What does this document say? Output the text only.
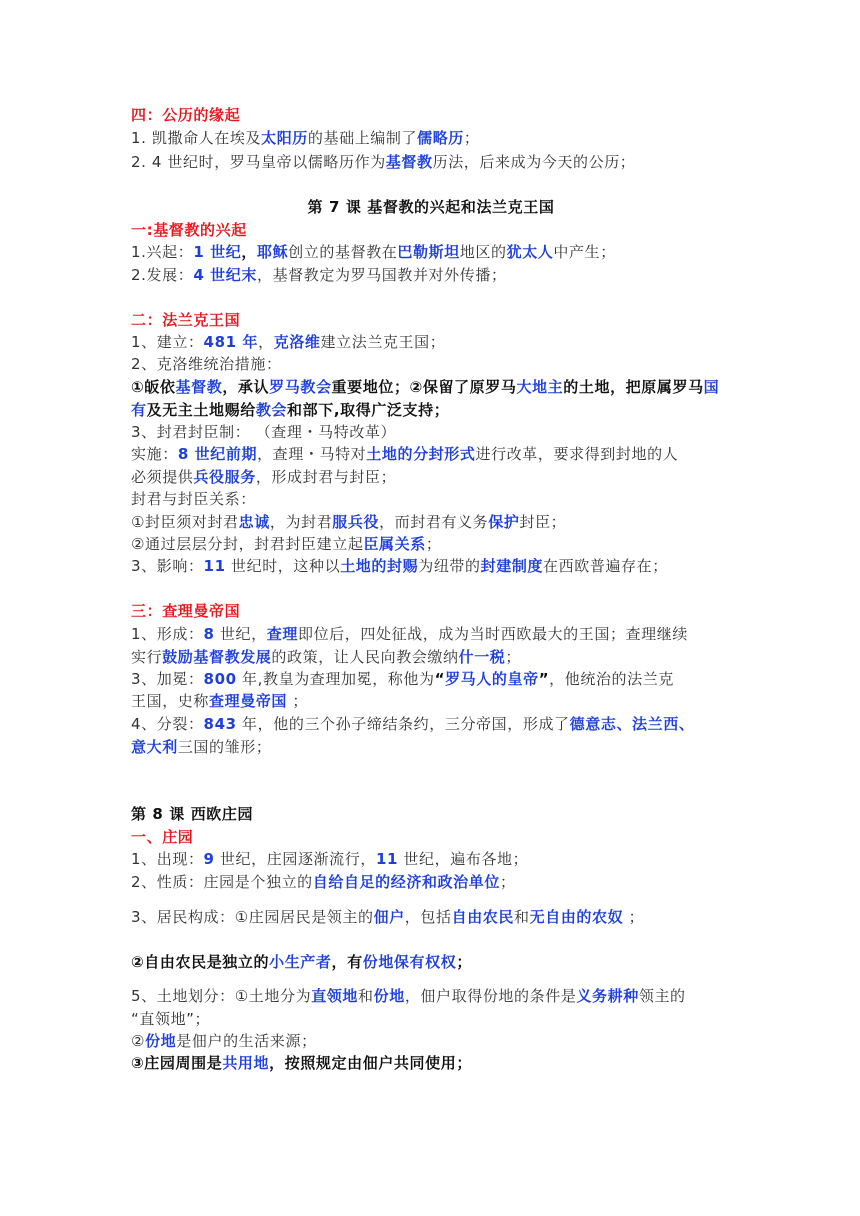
四：公历的缘起
1. 凯撒命人在埃及太阳历的基础上编制了儒略历；
2. 4 世纪时，罗马皇帝以儒略历作为基督教历法，后来成为今天的公历；
第 7 课 基督教的兴起和法兰克王国
一:基督教的兴起
1.兴起：1 世纪，耶稣创立的基督教在巴勒斯坦地区的犹太人中产生；
2.发展：4 世纪末，基督教定为罗马国教并对外传播；
二：法兰克王国
1、建立：481 年，克洛维建立法兰克王国；
2、克洛维统治措施：
①皈依基督教，承认罗马教会重要地位；②保留了原罗马大地主的土地，把原属罗马国
有及无主土地赐给教会和部下,取得广泛支持；
3、封君封臣制： （查理・马特改革）
实施：8 世纪前期，查理・马特对土地的分封形式进行改革，要求得到封地的人
必须提供兵役服务，形成封君与封臣；
封君与封臣关系：
①封臣须对封君忠诚，为封君服兵役，而封君有义务保护封臣；
②通过层层分封，封君封臣建立起臣属关系；
3、影响：11 世纪时，这种以土地的封赐为纽带的封建制度在西欧普遍存在；
三：查理曼帝国
1、形成：8 世纪，查理即位后，四处征战，成为当时西欧最大的王国；查理继续
实行鼓励基督教发展的政策，让人民向教会缴纳什一税；
3、加冕：800 年,教皇为查理加冕，称他为“罗马人的皇帝”，他统治的法兰克
王国，史称查理曼帝国 ；
4、分裂：843 年，他的三个孙子缔结条约，三分帝国，形成了德意志、法兰西、
意大利三国的雏形；
第 8 课 西欧庄园
一、庄园
1、出现：9 世纪，庄园逐渐流行，11 世纪，遍布各地；
2、性质：庄园是个独立的自给自足的经济和政治单位；
3、居民构成：①庄园居民是领主的佃户，包括自由农民和无自由的农奴 ；
②自由农民是独立的小生产者，有份地保有权权；
5、土地划分：①土地分为直领地和份地，佃户取得份地的条件是义务耕种领主的
“直领地”；
②份地是佃户的生活来源；
③庄园周围是共用地，按照规定由佃户共同使用；
